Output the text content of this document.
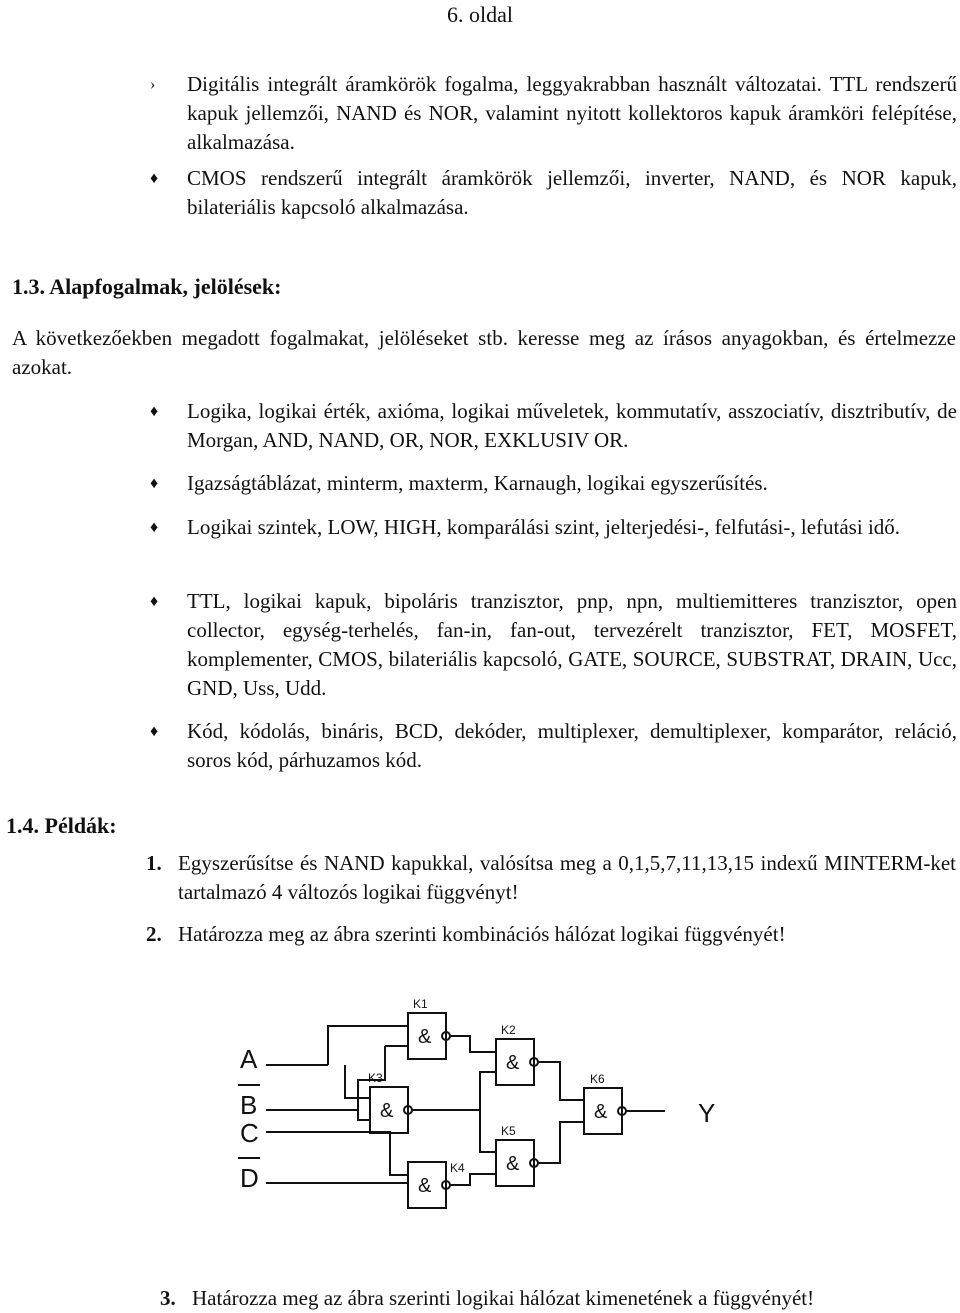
6. oldal
› Digitális integrált áramkörök fogalma, leggyakrabban használt változatai. TTL rendszerű kapuk jellemzői, NAND és NOR, valamint nyitott kollektoros kapuk áramköri felépítése, alkalmazása.
♦ CMOS rendszerű integrált áramkörök jellemzői, inverter, NAND, és NOR kapuk, bilateriális kapcsoló alkalmazása.
1.3. Alapfogalmak, jelölések:
A következőekben megadott fogalmakat, jelöléseket stb. keresse meg az írásos anyagokban, és értelmezze azokat.
♦ Logika, logikai érték, axióma, logikai műveletek, kommutatív, asszociatív, disztributív, de Morgan, AND, NAND, OR, NOR, EXKLUSIV OR.
♦ Igazságtáblázat, minterm, maxterm, Karnaugh, logikai egyszerűsítés.
♦ Logikai szintek, LOW, HIGH, komparálási szint, jelterjedési-, felfutási-, lefutási idő.
♦ TTL, logikai kapuk, bipoláris tranzisztor, pnp, npn, multiemitteres tranzisztor, open collector, egység-terhelés, fan-in, fan-out, tervezérelt tranzisztor, FET, MOSFET, komplementer, CMOS, bilateriális kapcsoló, GATE, SOURCE, SUBSTRAT, DRAIN, Ucc, GND, Uss, Udd.
♦ Kód, kódolás, bináris, BCD, dekóder, multiplexer, demultiplexer, komparátor, reláció, soros kód, párhuzamos kód.
1.4. Példák:
1. Egyszerűsítse és NAND kapukkal, valósítsa meg a 0,1,5,7,11,13,15 indexű MINTERM-ket tartalmazó 4 változós logikai függvényt!
2. Határozza meg az ábra szerinti kombinációs hálózat logikai függvényét!
A
B
C
D
K1
K2
K3
K4
K5
K6
&
&
&
&
&
&	Y
3. Határozza meg az ábra szerinti logikai hálózat kimenetének a függvényét!
